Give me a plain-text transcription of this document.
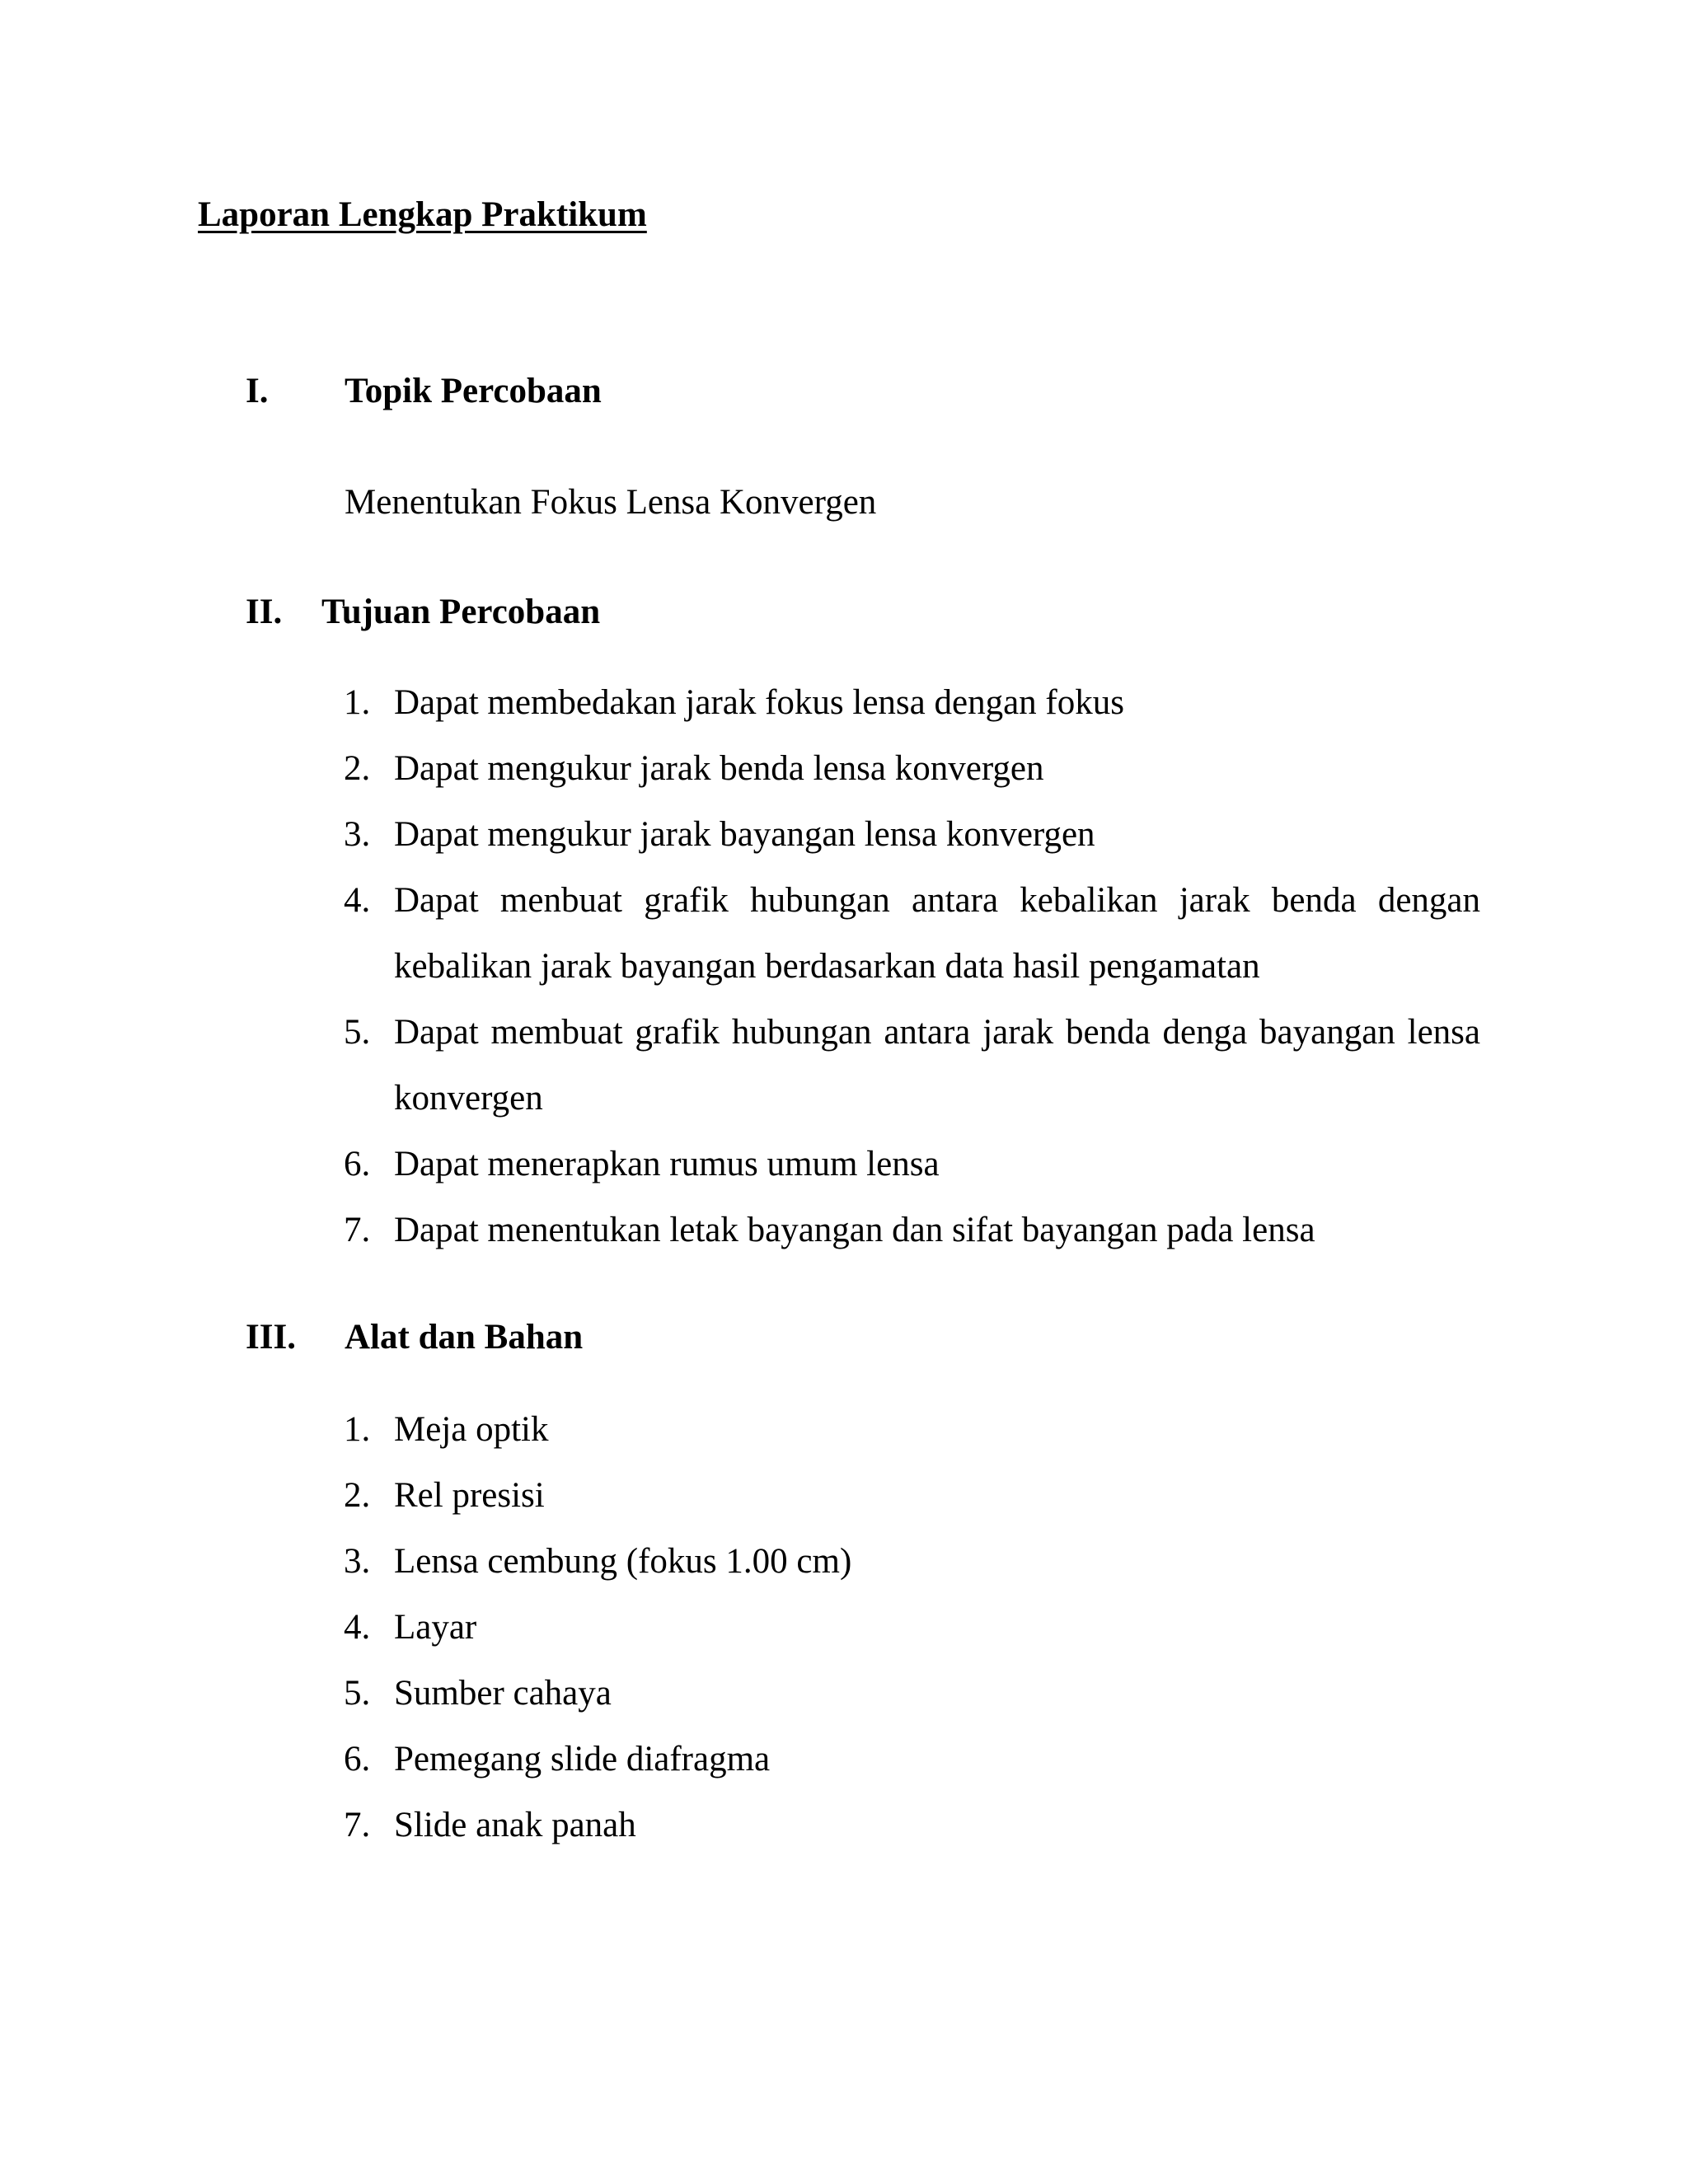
Laporan Lengkap Praktikum
I. Topik Percobaan
Menentukan Fokus Lensa Konvergen
II. Tujuan Percobaan
1. Dapat membedakan jarak fokus lensa dengan fokus
2. Dapat mengukur jarak benda lensa konvergen
3. Dapat mengukur jarak bayangan lensa konvergen
4. Dapat menbuat grafik hubungan antara kebalikan jarak benda dengan kebalikan jarak bayangan berdasarkan data hasil pengamatan
5. Dapat membuat grafik hubungan antara jarak benda denga bayangan lensa konvergen
6. Dapat menerapkan rumus umum lensa
7. Dapat menentukan letak bayangan dan sifat bayangan pada lensa
III. Alat dan Bahan
1. Meja optik
2. Rel presisi
3. Lensa cembung (fokus 1.00 cm)
4. Layar
5. Sumber cahaya
6. Pemegang slide diafragma
7. Slide anak panah
